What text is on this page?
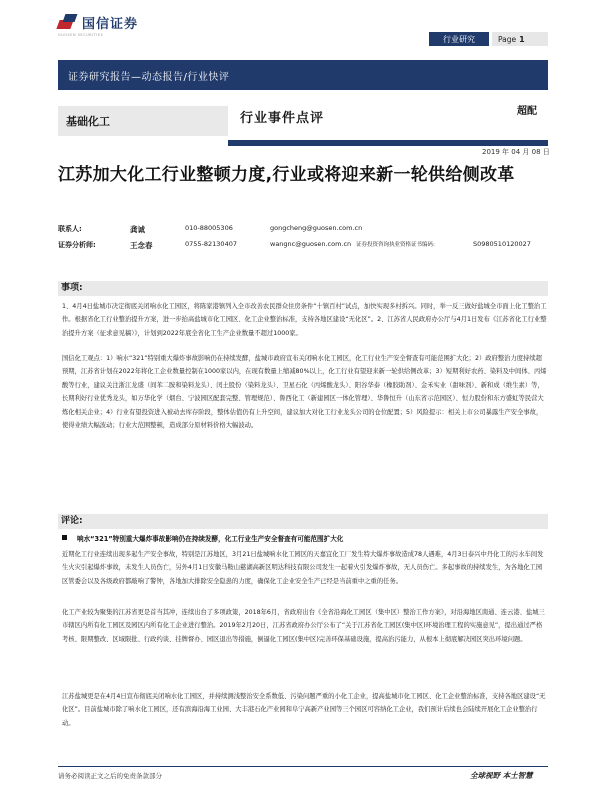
国信证券
GUOSEN SECURITIES	行业研究	Page 1
证券研究报告—动态报告/行业快评
基础化工	行业事件点评	超配
2019 年 04 月 08 日
江苏加大化工行业整顿力度,行业或将迎来新一轮供给侧改革
联系人:	龚诚	010-88005306	gongcheng@guosen.com.cn
证券分析师:	王念春	0755-82130407	wangnc@guosen.com.cn 证券投资咨询执业资格证书编码:	S0980510120027
事项:

1、4月4日盐城市决定彻底关闭响水化工园区，将陈家港镇列入全市改善农民群众住房条件“十镇百村”试点，加快实现多村拆兴。同时，举一反三做好盐城全市面上化工整治工作。根据省化工行业整治提升方案，进一步抬高盐城市化工园区、化工企业整治标准，支持各地区建设“无化区”。2、江苏省人民政府办公厅与4月1日发布《江苏省化工行业整治提升方案（征求意见稿）》，计划到2022年底全省化工生产企业数量不超过1000家。

国信化工观点：1）响水“321”特别重大爆炸事故影响仍在持续发酵，盐城市政府宣布关闭响水化工园区，化工行业生产安全督查有可能范围扩大化；2）政府整治力度持续超预期，江苏省计划在2022年将化工企业数量控制在1000家以内，在现有数量上缩减80%以上，化工行业有望迎来新一轮供给侧改革；3）短期利好农药、染料及中间体、丙烯酸等行业，建议关注浙江龙盛（间苯二胺和染料龙头）、闰土股份（染料龙头）、卫星石化（丙烯酸龙头）、阳谷华泰（橡胶助剂）、金禾实业（甜味剂）、新和成（维生素）等，长期利好行业优秀龙头，如万华化学（烟台、宁波园区配套完整、管理规范）、鲁西化工（新建园区一体化管理）、华鲁恒升（山东省示范园区）、恒力股份和东方盛虹等民营大炼化相关企业；4）行业有望投资进入被动去库存阶段，整体估值仍有上升空间，建议加大对化工行业龙头公司的仓位配置；5）风险提示：相关上市公司暴露生产安全事故，使得业绩大幅波动；行业大范围整顿，造成部分原材料价格大幅波动。

评论:
响水“321”特别重大爆炸事故影响仍在持续发酵，化工行业生产安全督查有可能范围扩大化

近期化工行业连续出现多起生产安全事故，特别是江苏地区，3月21日盐城响水化工园区的天嘉宜化工厂发生特大爆炸事故造成78人遇难，4月3日泰兴中丹化工的污水车间发生火灾引起爆炸事故，未发生人员伤亡，另外4月1日安徽马鞍山慈湖高新区明达科技有限公司发生一起着火引发爆炸事故，无人员伤亡。多起事故的持续发生，为各地化工园区管委会以及各级政府都敲响了警钟，各地加大排除安全隐患的力度，确保化工企业安全生产已经是当前重中之重的任务。

化工产业较为聚集的江苏省更是首当其冲，连续出台了多项政策，2018年6月，省政府出台《全省沿海化工园区（集中区）整治工作方案》，对沿海地区南通、连云港、盐城三市辖区内所有化工园区及园区内所有化工企业进行整治。2019年2月20日，江苏省政府办公厅公布了“关于江苏省化工园区(集中区)环境治理工程的实施意见”，提出通过严格考核、限期整改、区域限批、行政约谈、挂牌督办、园区退出等措施，倒逼化工园区(集中区)完善环保基础设施，提高治污能力，从根本上彻底解决园区突出环境问题。

江苏盐城更是在4月4日宣布彻底关闭响水化工园区，并持续测浅整治安全系数低、污染问题严重的小化工企业，提高盐城市化工园区、化工企业整治标准，支持各地区建设“无化区”。目前盐城市除了响水化工园区，还有滨海沿海工业园、大丰港石化产业园和阜宁高新产业园等三个园区可容纳化工企业，我们预计后续也会陆续开展化工企业整治行动。

请务必阅读正文之后的免责条款部分	全球视野 本土智慧
